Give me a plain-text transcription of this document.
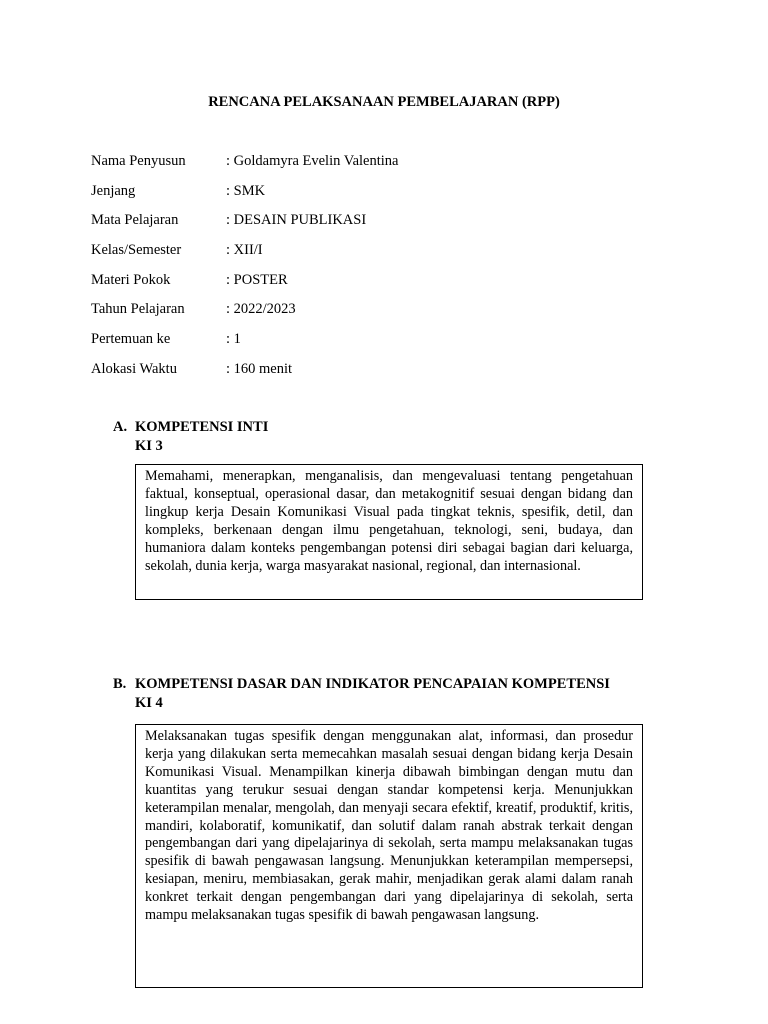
RENCANA PELAKSANAAN PEMBELAJARAN (RPP)
Nama Penyusun	: Goldamyra Evelin Valentina
Jenjang	: SMK
Mata Pelajaran	: DESAIN PUBLIKASI
Kelas/Semester	: XII/I
Materi Pokok	: POSTER
Tahun Pelajaran	: 2022/2023
Pertemuan ke	: 1
Alokasi Waktu	: 160 menit
A. KOMPETENSI INTI
KI 3

Memahami, menerapkan, menganalisis, dan mengevaluasi tentang pengetahuan faktual, konseptual, operasional dasar, dan metakognitif sesuai dengan bidang dan lingkup kerja Desain Komunikasi Visual pada tingkat teknis, spesifik, detil, dan kompleks, berkenaan dengan ilmu pengetahuan, teknologi, seni, budaya, dan humaniora dalam konteks pengembangan potensi diri sebagai bagian dari keluarga, sekolah, dunia kerja, warga masyarakat nasional, regional, dan internasional.

B. KOMPETENSI DASAR DAN INDIKATOR PENCAPAIAN KOMPETENSI
KI 4

Melaksanakan tugas spesifik dengan menggunakan alat, informasi, dan prosedur kerja yang dilakukan serta memecahkan masalah sesuai dengan bidang kerja Desain Komunikasi Visual. Menampilkan kinerja dibawah bimbingan dengan mutu dan kuantitas yang terukur sesuai dengan standar kompetensi kerja. Menunjukkan keterampilan menalar, mengolah, dan menyaji secara efektif, kreatif, produktif, kritis, mandiri, kolaboratif, komunikatif, dan solutif dalam ranah abstrak terkait dengan pengembangan dari yang dipelajarinya di sekolah, serta mampu melaksanakan tugas spesifik di bawah pengawasan langsung. Menunjukkan keterampilan mempersepsi, kesiapan, meniru, membiasakan, gerak mahir, menjadikan gerak alami dalam ranah konkret terkait dengan pengembangan dari yang dipelajarinya di sekolah, serta mampu melaksanakan tugas spesifik di bawah pengawasan langsung.
